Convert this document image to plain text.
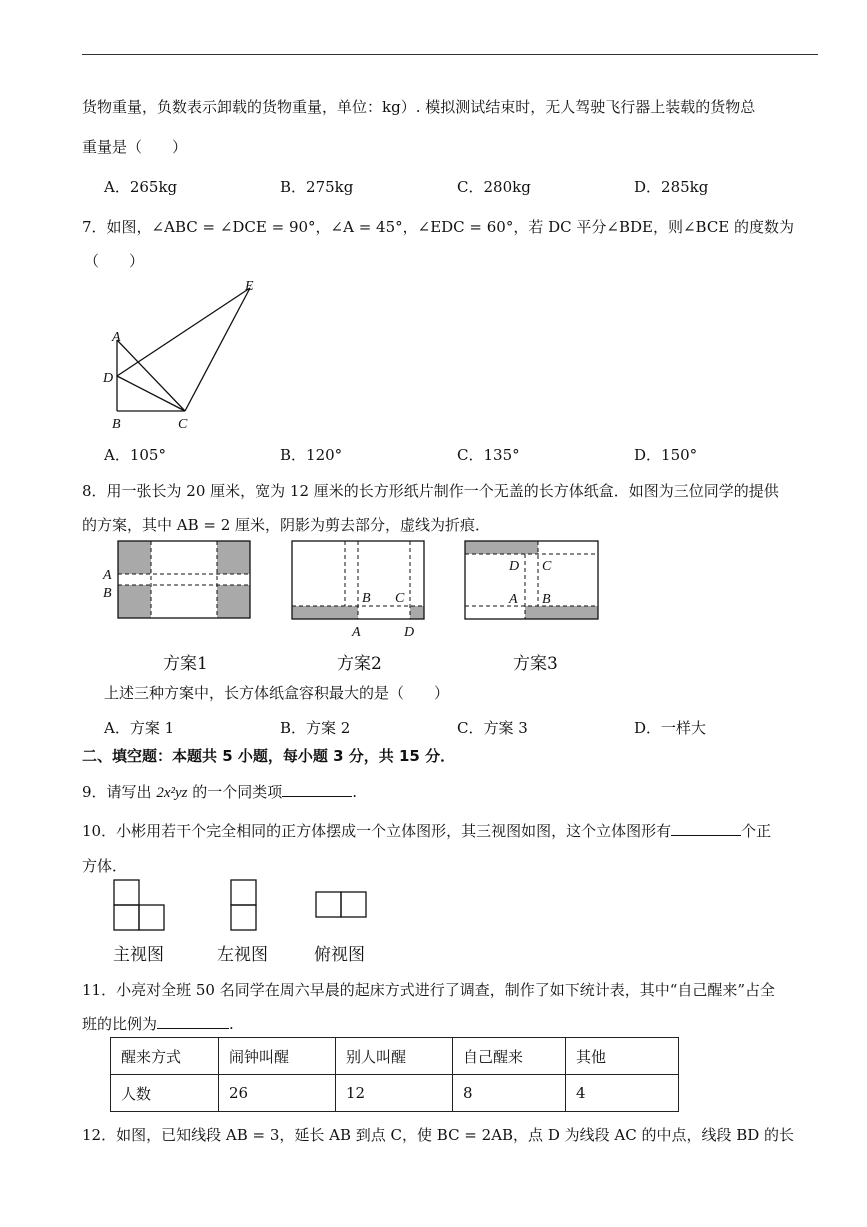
货物重量，负数表示卸载的货物重量，单位：kg）. 模拟测试结束时，无人驾驶飞行器上装载的货物总
重量是（　　）
A．265kg	B．275kg	C．280kg	D．285kg
7．如图，∠ABC = ∠DCE = 90°，∠A = 45°，∠EDC = 60°，若 DC 平分∠BDE，则∠BCE 的度数为
（　　）
E
A
D
B	C
A．105°	B．120°	C．135°	D．150°
8．用一张长为 20 厘米，宽为 12 厘米的长方形纸片制作一个无盖的长方体纸盒．如图为三位同学的提供
的方案，其中 AB = 2 厘米，阴影为剪去部分，虚线为折痕．
A
B	B C
A	D
D C
A B
方案1	方案2	方案3
上述三种方案中，长方体纸盒容积最大的是（　　）
A．方案 1	B．方案 2	C．方案 3	D．一样大
二、填空题：本题共 5 小题，每小题 3 分，共 15 分．
9．请写出 2x²yz 的一个同类项	.
10．小彬用若干个完全相同的正方体摆成一个立体图形，其三视图如图，这个立体图形有	个正
方体．
主视图	左视图	俯视图
11．小亮对全班 50 名同学在周六早晨的起床方式进行了调查，制作了如下统计表，其中“自己醒来”占全
班的比例为	.
醒来方式	闹钟叫醒	别人叫醒	自己醒来	其他
人数	26	12	8	4
12．如图，已知线段 AB = 3，延长 AB 到点 C，使 BC = 2AB，点 D 为线段 AC 的中点，线段 BD 的长
